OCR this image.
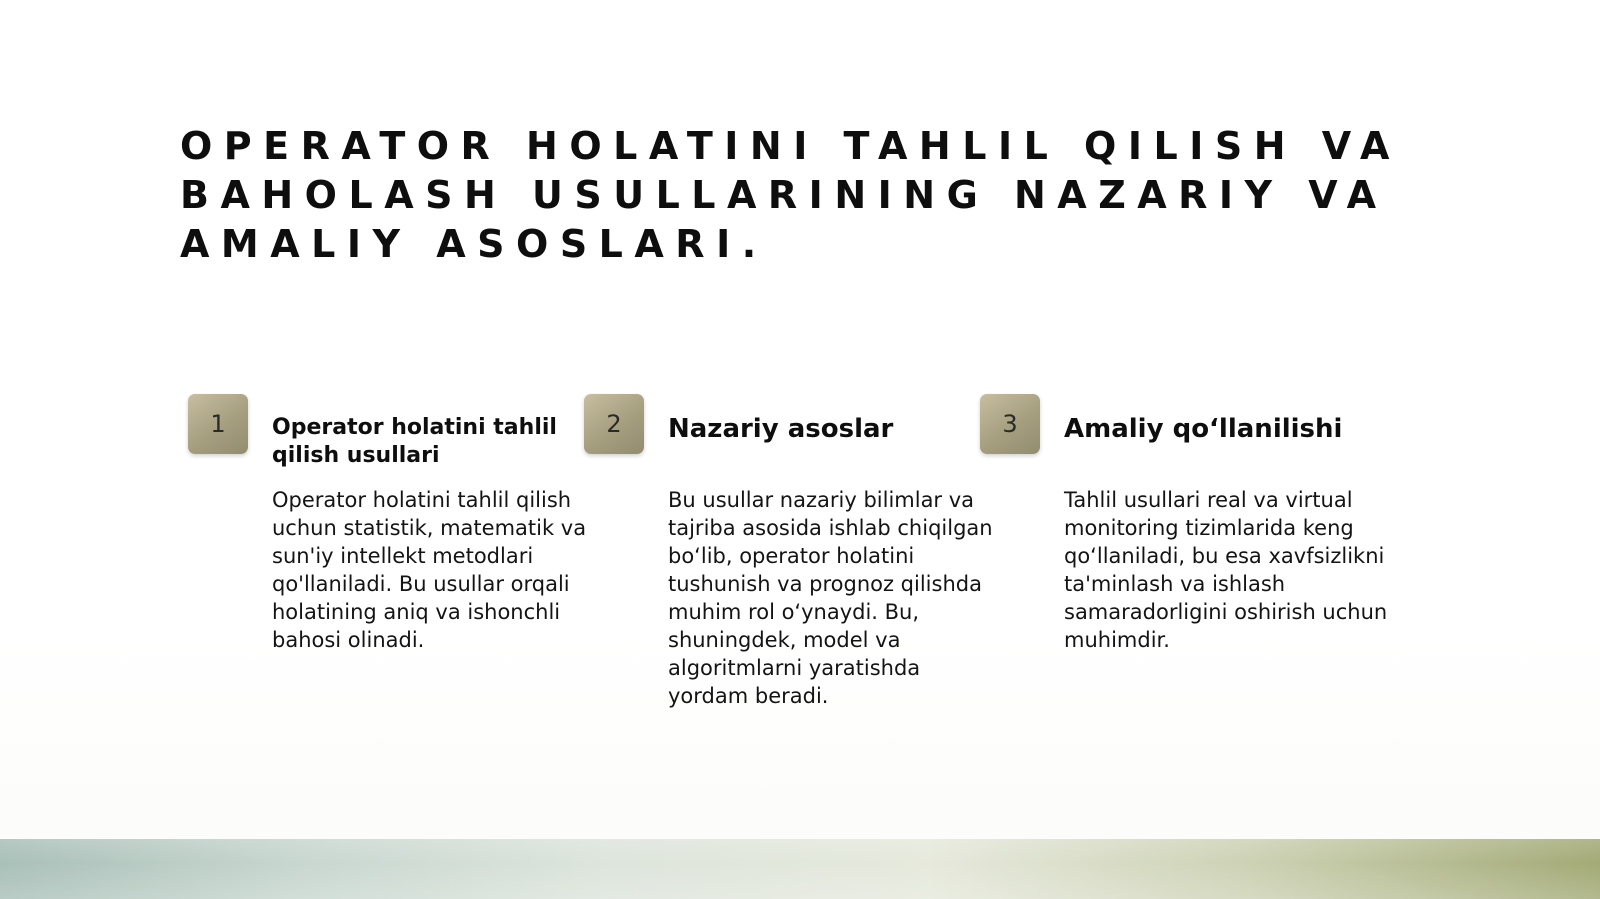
OPERATOR HOLATINI TAHLIL QILISH VA BAHOLASH USULLARINING NAZARIY VA AMALIY ASOSLARI.
1	Operator holatini tahlil qilish usullari

Operator holatini tahlil qilish uchun statistik, matematik va sun'iy intellekt metodlari qo'llaniladi. Bu usullar orqali holatining aniq va ishonchli bahosi olinadi.

2	Nazariy asoslar

Bu usullar nazariy bilimlar va tajriba asosida ishlab chiqilgan bo‘lib, operator holatini tushunish va prognoz qilishda muhim rol o‘ynaydi. Bu, shuningdek, model va algoritmlarni yaratishda yordam beradi.

3	Amaliy qo‘llanilishi

Tahlil usullari real va virtual monitoring tizimlarida keng qo‘llaniladi, bu esa xavfsizlikni ta'minlash va ishlash samaradorligini oshirish uchun muhimdir.
